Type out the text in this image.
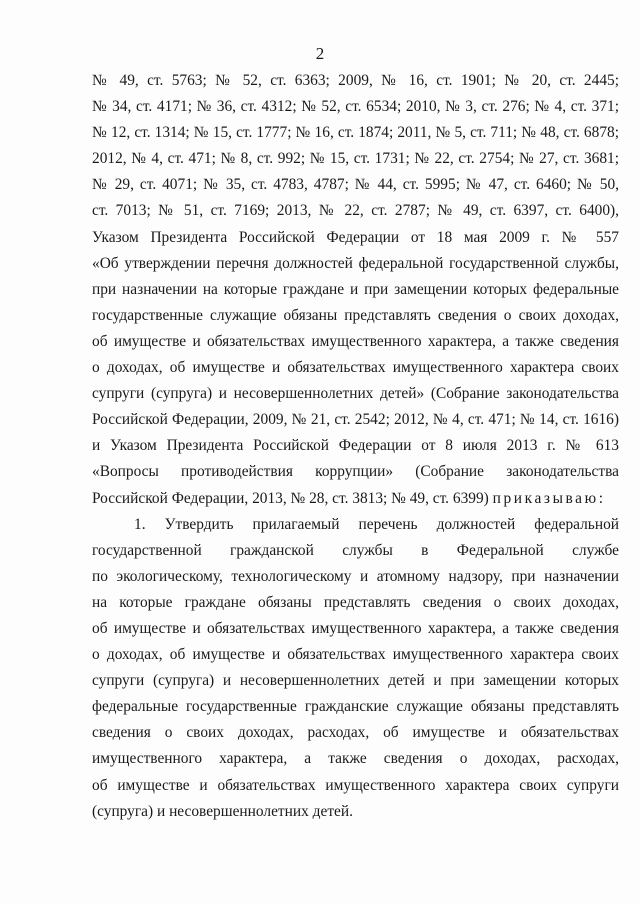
2
№ 49, ст. 5763; № 52, ст. 6363; 2009, № 16, ст. 1901; № 20, ст. 2445;
№ 34, ст. 4171; № 36, ст. 4312; № 52, ст. 6534; 2010, № 3, ст. 276; № 4, ст. 371;
№ 12, ст. 1314; № 15, ст. 1777; № 16, ст. 1874; 2011, № 5, ст. 711; № 48, ст. 6878;
2012, № 4, ст. 471; № 8, ст. 992; № 15, ст. 1731; № 22, ст. 2754; № 27, ст. 3681;
№ 29, ст. 4071; № 35, ст. 4783, 4787; № 44, ст. 5995; № 47, ст. 6460; № 50,
ст. 7013; № 51, ст. 7169; 2013, № 22, ст. 2787; № 49, ст. 6397, ст. 6400),
Указом Президента Российской Федерации от 18 мая 2009 г. № 557
«Об утверждении перечня должностей федеральной государственной службы,
при назначении на которые граждане и при замещении которых федеральные
государственные служащие обязаны представлять сведения о своих доходах,
об имуществе и обязательствах имущественного характера, а также сведения
о доходах, об имуществе и обязательствах имущественного характера своих
супруги (супруга) и несовершеннолетних детей» (Собрание законодательства
Российской Федерации, 2009, № 21, ст. 2542; 2012, № 4, ст. 471; № 14, ст. 1616)
и Указом Президента Российской Федерации от 8 июля 2013 г. № 613
«Вопросы противодействия коррупции» (Собрание законодательства
Российской Федерации, 2013, № 28, ст. 3813; № 49, ст. 6399) приказываю:
1. Утвердить прилагаемый перечень должностей федеральной
государственной гражданской службы в Федеральной службе
по экологическому, технологическому и атомному надзору, при назначении
на которые граждане обязаны представлять сведения о своих доходах,
об имуществе и обязательствах имущественного характера, а также сведения
о доходах, об имуществе и обязательствах имущественного характера своих
супруги (супруга) и несовершеннолетних детей и при замещении которых
федеральные государственные гражданские служащие обязаны представлять
сведения о своих доходах, расходах, об имуществе и обязательствах
имущественного характера, а также сведения о доходах, расходах,
об имуществе и обязательствах имущественного характера своих супруги
(супруга) и несовершеннолетних детей.
